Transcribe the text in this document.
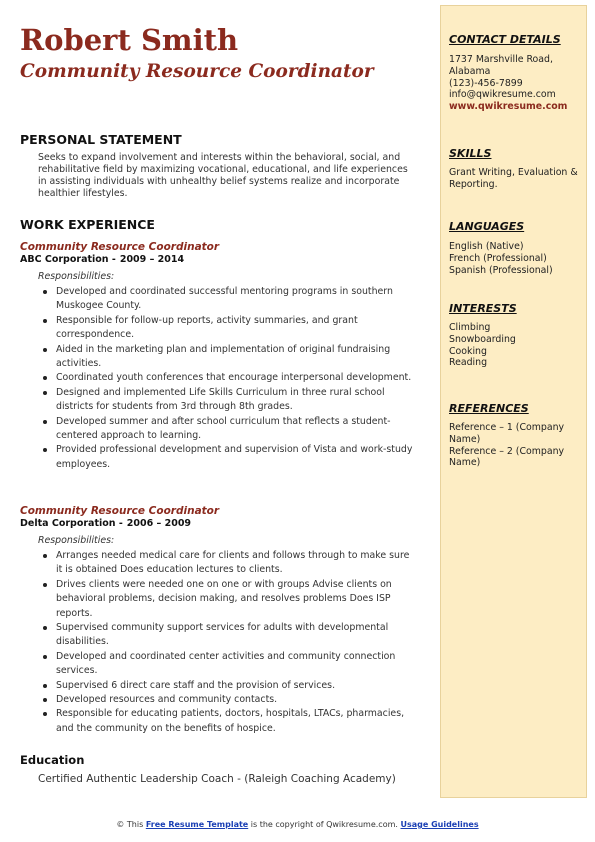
Robert Smith
Community Resource Coordinator
PERSONAL STATEMENT

Seeks to expand involvement and interests within the behavioral, social, and rehabilitative field by maximizing vocational, educational, and life experiences in assisting individuals with unhealthy belief systems realize and incorporate healthier lifestyles.

WORK EXPERIENCE
Community Resource Coordinator
ABC Corporation - 2009 – 2014
Responsibilities:
Developed and coordinated successful mentoring programs in southern Muskogee County.
Responsible for follow-up reports, activity summaries, and grant correspondence.
Aided in the marketing plan and implementation of original fundraising activities.
Coordinated youth conferences that encourage interpersonal development.
Designed and implemented Life Skills Curriculum in three rural school districts for students from 3rd through 8th grades.
Developed summer and after school curriculum that reflects a student-centered approach to learning.
Provided professional development and supervision of Vista and work-study employees.
Community Resource Coordinator
Delta Corporation - 2006 – 2009
Responsibilities:
Arranges needed medical care for clients and follows through to make sure it is obtained Does education lectures to clients.
Drives clients were needed one on one or with groups Advise clients on behavioral problems, decision making, and resolves problems Does ISP reports.
Supervised community support services for adults with developmental disabilities.
Developed and coordinated center activities and community connection services.
Supervised 6 direct care staff and the provision of services.
Developed resources and community contacts.
Responsible for educating patients, doctors, hospitals, LTACs, pharmacies, and the community on the benefits of hospice.
Education
Certified Authentic Leadership Coach - (Raleigh Coaching Academy)
CONTACT DETAILS
1737 Marshville Road, Alabama
(123)-456-7899
info@qwikresume.com
www.qwikresume.com
SKILLS
Grant Writing, Evaluation & Reporting.
LANGUAGES
English (Native)
French (Professional)
Spanish (Professional)
INTERESTS
Climbing
Snowboarding
Cooking
Reading
REFERENCES
Reference – 1 (Company Name)
Reference – 2 (Company Name)
© This Free Resume Template is the copyright of Qwikresume.com. Usage Guidelines
